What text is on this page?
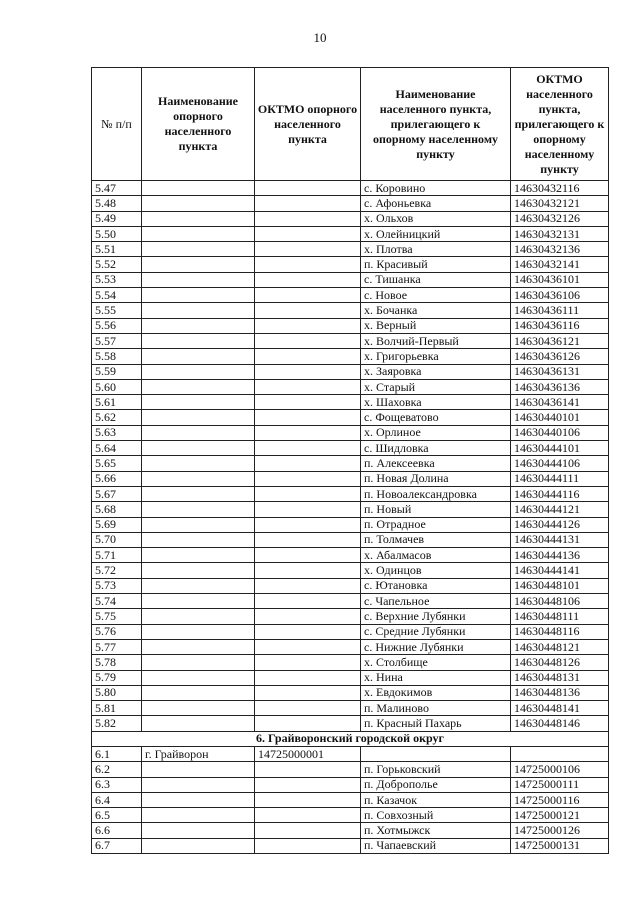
10
№ п/п	Наименование опорного населенного пункта	ОКТМО опорного населенного пункта	Наименование населенного пункта, прилегающего к опорному населенному пункту	ОКТМО населенного пункта, прилегающего к опорному населенному пункту
5.47			с. Коровино	14630432116
5.48			с. Афоньевка	14630432121
5.49			х. Ольхов	14630432126
5.50			х. Олейницкий	14630432131
5.51			х. Плотва	14630432136
5.52			п. Красивый	14630432141
5.53			с. Тишанка	14630436101
5.54			с. Новое	14630436106
5.55			х. Бочанка	14630436111
5.56			х. Верный	14630436116
5.57			х. Волчий-Первый	14630436121
5.58			х. Григорьевка	14630436126
5.59			х. Заяровка	14630436131
5.60			х. Старый	14630436136
5.61			х. Шаховка	14630436141
5.62			с. Фощеватово	14630440101
5.63			х. Орлиное	14630440106
5.64			с. Шидловка	14630444101
5.65			п. Алексеевка	14630444106
5.66			п. Новая Долина	14630444111
5.67			п. Новоалександровка	14630444116
5.68			п. Новый	14630444121
5.69			п. Отрадное	14630444126
5.70			п. Толмачев	14630444131
5.71			х. Абалмасов	14630444136
5.72			х. Одинцов	14630444141
5.73			с. Ютановка	14630448101
5.74			с. Чапельное	14630448106
5.75			с. Верхние Лубянки	14630448111
5.76			с. Средние Лубянки	14630448116
5.77			с. Нижние Лубянки	14630448121
5.78			х. Столбище	14630448126
5.79			х. Нина	14630448131
5.80			х. Евдокимов	14630448136
5.81			п. Малиново	14630448141
5.82			п. Красный Пахарь	14630448146
6. Грайворонский городской округ				
6.1	г. Грайворон	14725000001		
6.2			п. Горьковский	14725000106
6.3			п. Доброполье	14725000111
6.4			п. Казачок	14725000116
6.5			п. Совхозный	14725000121
6.6			п. Хотмыжск	14725000126
6.7			п. Чапаевский	14725000131
